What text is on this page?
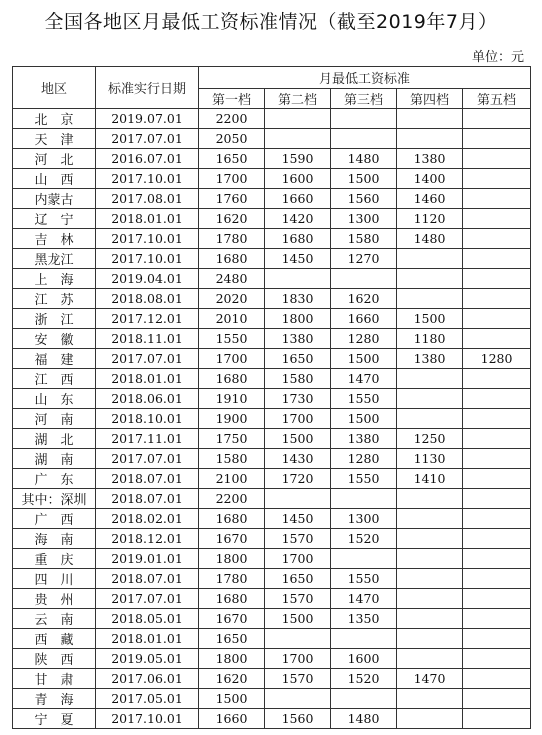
全国各地区月最低工资标准情况（截至2019年7月）
单位：元
地区	标准实行日期	月最低工资标准				
		第一档	第二档	第三档	第四档	第五档
北　京	2019.07.01	2200				
天　津	2017.07.01	2050				
河　北	2016.07.01	1650	1590	1480	1380	
山　西	2017.10.01	1700	1600	1500	1400	
内蒙古	2017.08.01	1760	1660	1560	1460	
辽　宁	2018.01.01	1620	1420	1300	1120	
吉　林	2017.10.01	1780	1680	1580	1480	
黑龙江	2017.10.01	1680	1450	1270		
上　海	2019.04.01	2480				
江　苏	2018.08.01	2020	1830	1620		
浙　江	2017.12.01	2010	1800	1660	1500	
安　徽	2018.11.01	1550	1380	1280	1180	
福　建	2017.07.01	1700	1650	1500	1380	1280
江　西	2018.01.01	1680	1580	1470		
山　东	2018.06.01	1910	1730	1550		
河　南	2018.10.01	1900	1700	1500		
湖　北	2017.11.01	1750	1500	1380	1250	
湖　南	2017.07.01	1580	1430	1280	1130	
广　东	2018.07.01	2100	1720	1550	1410	
其中：深圳	2018.07.01	2200				
广　西	2018.02.01	1680	1450	1300		
海　南	2018.12.01	1670	1570	1520		
重　庆	2019.01.01	1800	1700			
四　川	2018.07.01	1780	1650	1550		
贵　州	2017.07.01	1680	1570	1470		
云　南	2018.05.01	1670	1500	1350		
西　藏	2018.01.01	1650				
陕　西	2019.05.01	1800	1700	1600		
甘　肃	2017.06.01	1620	1570	1520	1470	
青　海	2017.05.01	1500				
宁　夏	2017.10.01	1660	1560	1480		
